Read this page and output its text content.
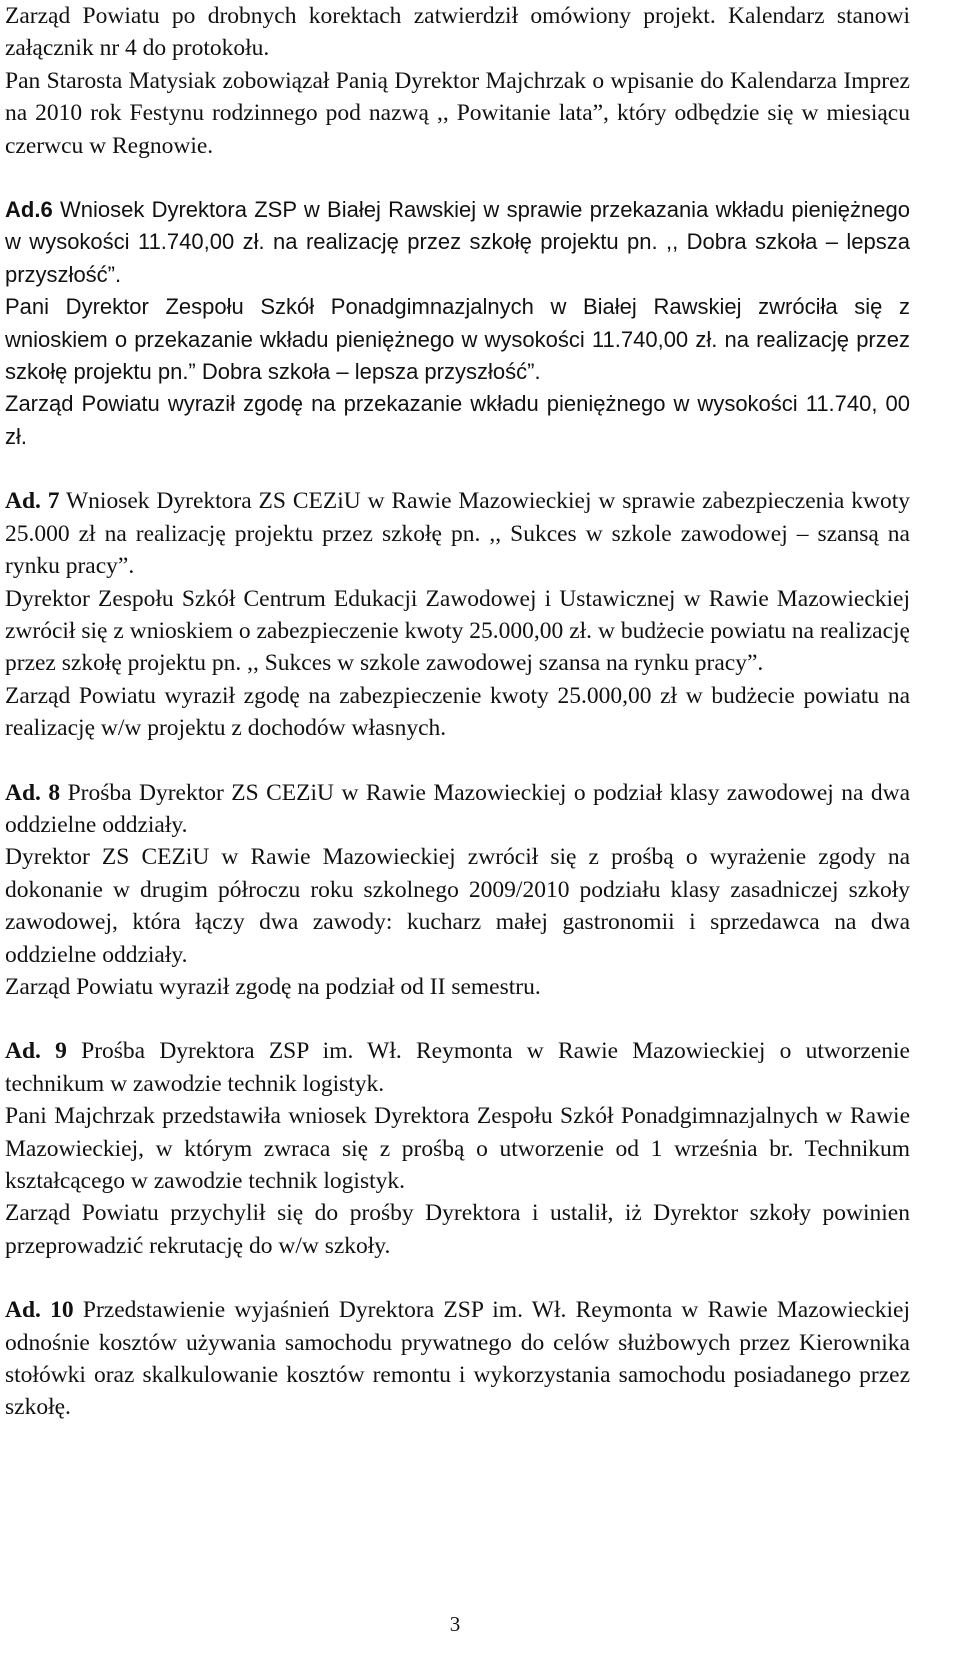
Zarząd Powiatu po drobnych korektach zatwierdził omówiony projekt. Kalendarz stanowi załącznik nr 4 do protokołu.

Pan Starosta Matysiak zobowiązał Panią Dyrektor Majchrzak o wpisanie do Kalendarza Imprez na 2010 rok Festynu rodzinnego pod nazwą ,, Powitanie lata”, który odbędzie się w miesiącu czerwcu w Regnowie.

Ad.6 Wniosek Dyrektora ZSP w Białej Rawskiej w sprawie przekazania wkładu pieniężnego w wysokości 11.740,00 zł. na realizację przez szkołę projektu pn. ,, Dobra szkoła – lepsza przyszłość”.

Pani Dyrektor Zespołu Szkół Ponadgimnazjalnych w Białej Rawskiej zwróciła się z wnioskiem o przekazanie wkładu pieniężnego w wysokości 11.740,00 zł. na realizację przez szkołę projektu pn.” Dobra szkoła – lepsza przyszłość”.

Zarząd Powiatu wyraził zgodę na przekazanie wkładu pieniężnego w wysokości 11.740, 00 zł.

Ad. 7 Wniosek Dyrektora ZS CEZiU w Rawie Mazowieckiej w sprawie zabezpieczenia kwoty 25.000 zł na realizację projektu przez szkołę pn. ,, Sukces w szkole zawodowej – szansą na rynku pracy”.

Dyrektor Zespołu Szkół Centrum Edukacji Zawodowej i Ustawicznej w Rawie Mazowieckiej zwrócił się z wnioskiem o zabezpieczenie kwoty 25.000,00 zł. w budżecie powiatu na realizację przez szkołę projektu pn. ,, Sukces w szkole zawodowej szansa na rynku pracy”.

Zarząd Powiatu wyraził zgodę na zabezpieczenie kwoty 25.000,00 zł w budżecie powiatu na realizację w/w projektu z dochodów własnych.

Ad. 8 Prośba Dyrektor ZS CEZiU w Rawie Mazowieckiej o podział klasy zawodowej na dwa oddzielne oddziały.

Dyrektor ZS CEZiU w Rawie Mazowieckiej zwrócił się z prośbą o wyrażenie zgody na dokonanie w drugim półroczu roku szkolnego 2009/2010 podziału klasy zasadniczej szkoły zawodowej, która łączy dwa zawody: kucharz małej gastronomii i sprzedawca na dwa oddzielne oddziały.

Zarząd Powiatu wyraził zgodę na podział od II semestru.

Ad. 9 Prośba Dyrektora ZSP im. Wł. Reymonta w Rawie Mazowieckiej o utworzenie technikum w zawodzie technik logistyk.

Pani Majchrzak przedstawiła wniosek Dyrektora Zespołu Szkół Ponadgimnazjalnych w Rawie Mazowieckiej, w którym zwraca się z prośbą o utworzenie od 1 września br. Technikum kształcącego w zawodzie technik logistyk.

Zarząd Powiatu przychylił się do prośby Dyrektora i ustalił, iż Dyrektor szkoły powinien przeprowadzić rekrutację do w/w szkoły.

Ad. 10 Przedstawienie wyjaśnień Dyrektora ZSP im. Wł. Reymonta w Rawie Mazowieckiej odnośnie kosztów używania samochodu prywatnego do celów służbowych przez Kierownika stołówki oraz skalkulowanie kosztów remontu i wykorzystania samochodu posiadanego przez szkołę.

3
